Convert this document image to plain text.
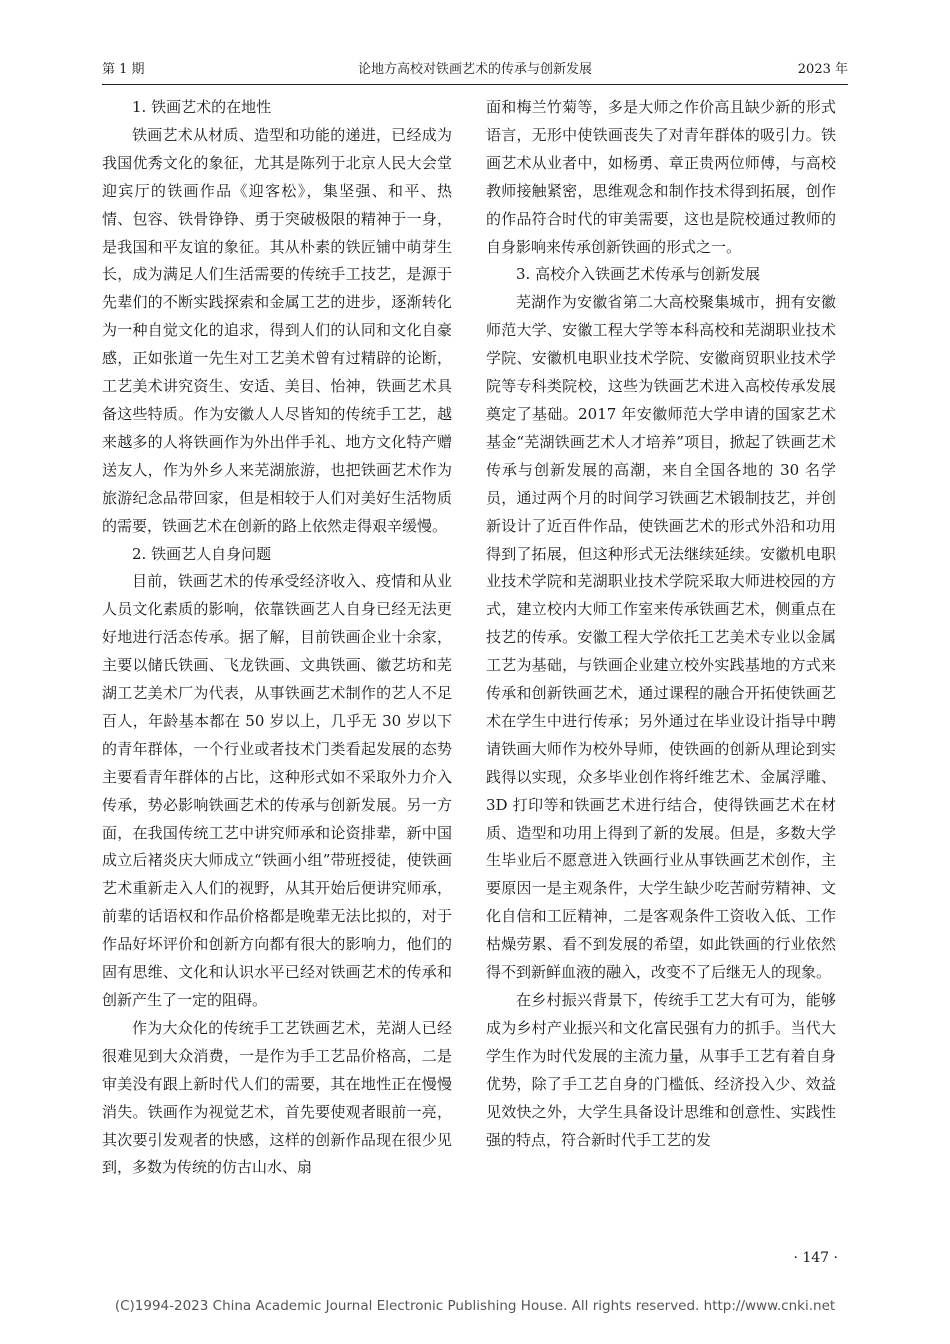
第 1 期	论地方高校对铁画艺术的传承与创新发展	2023 年
1. 铁画艺术的在地性

铁画艺术从材质、造型和功能的递进，已经成为我国优秀文化的象征，尤其是陈列于北京人民大会堂迎宾厅的铁画作品《迎客松》，集坚强、和平、热情、包容、铁骨铮铮、勇于突破极限的精神于一身，是我国和平友谊的象征。其从朴素的铁匠铺中萌芽生长，成为满足人们生活需要的传统手工技艺，是源于先辈们的不断实践探索和金属工艺的进步，逐渐转化为一种自觉文化的追求，得到人们的认同和文化自豪感，正如张道一先生对工艺美术曾有过精辟的论断，工艺美术讲究资生、安适、美目、怡神，铁画艺术具备这些特质。作为安徽人人尽皆知的传统手工艺，越来越多的人将铁画作为外出伴手礼、地方文化特产赠送友人，作为外乡人来芜湖旅游，也把铁画艺术作为旅游纪念品带回家，但是相较于人们对美好生活物质的需要，铁画艺术在创新的路上依然走得艰辛缓慢。

2. 铁画艺人自身问题

目前，铁画艺术的传承受经济收入、疫情和从业人员文化素质的影响，依靠铁画艺人自身已经无法更好地进行活态传承。据了解，目前铁画企业十余家，主要以储氏铁画、飞龙铁画、文典铁画、徽艺坊和芜湖工艺美术厂为代表，从事铁画艺术制作的艺人不足百人，年龄基本都在 50 岁以上，几乎无 30 岁以下的青年群体，一个行业或者技术门类看起发展的态势主要看青年群体的占比，这种形式如不采取外力介入传承，势必影响铁画艺术的传承与创新发展。另一方面，在我国传统工艺中讲究师承和论资排辈，新中国成立后褚炎庆大师成立“铁画小组”带班授徒，使铁画艺术重新走入人们的视野，从其开始后便讲究师承，前辈的话语权和作品价格都是晚辈无法比拟的，对于作品好坏评价和创新方向都有很大的影响力，他们的固有思维、文化和认识水平已经对铁画艺术的传承和创新产生了一定的阻碍。

作为大众化的传统手工艺铁画艺术，芜湖人已经很难见到大众消费，一是作为手工艺品价格高，二是审美没有跟上新时代人们的需要，其在地性正在慢慢消失。铁画作为视觉艺术，首先要使观者眼前一亮，其次要引发观者的快感，这样的创新作品现在很少见到，多数为传统的仿古山水、扇

面和梅兰竹菊等，多是大师之作价高且缺少新的形式语言，无形中使铁画丧失了对青年群体的吸引力。铁画艺术从业者中，如杨勇、章正贵两位师傅，与高校教师接触紧密，思维观念和制作技术得到拓展，创作的作品符合时代的审美需要，这也是院校通过教师的自身影响来传承创新铁画的形式之一。

3. 高校介入铁画艺术传承与创新发展

芜湖作为安徽省第二大高校聚集城市，拥有安徽师范大学、安徽工程大学等本科高校和芜湖职业技术学院、安徽机电职业技术学院、安徽商贸职业技术学院等专科类院校，这些为铁画艺术进入高校传承发展奠定了基础。2017 年安徽师范大学申请的国家艺术基金“芜湖铁画艺术人才培养”项目，掀起了铁画艺术传承与创新发展的高潮，来自全国各地的 30 名学员，通过两个月的时间学习铁画艺术锻制技艺，并创新设计了近百件作品，使铁画艺术的形式外沿和功用得到了拓展，但这种形式无法继续延续。安徽机电职业技术学院和芜湖职业技术学院采取大师进校园的方式，建立校内大师工作室来传承铁画艺术，侧重点在技艺的传承。安徽工程大学依托工艺美术专业以金属工艺为基础，与铁画企业建立校外实践基地的方式来传承和创新铁画艺术，通过课程的融合开拓使铁画艺术在学生中进行传承；另外通过在毕业设计指导中聘请铁画大师作为校外导师，使铁画的创新从理论到实践得以实现，众多毕业创作将纤维艺术、金属浮雕、3D 打印等和铁画艺术进行结合，使得铁画艺术在材质、造型和功用上得到了新的发展。但是，多数大学生毕业后不愿意进入铁画行业从事铁画艺术创作，主要原因一是主观条件，大学生缺少吃苦耐劳精神、文化自信和工匠精神，二是客观条件工资收入低、工作枯燥劳累、看不到发展的希望，如此铁画的行业依然得不到新鲜血液的融入，改变不了后继无人的现象。

在乡村振兴背景下，传统手工艺大有可为，能够成为乡村产业振兴和文化富民强有力的抓手。当代大学生作为时代发展的主流力量，从事手工艺有着自身优势，除了手工艺自身的门槛低、经济投入少、效益见效快之外，大学生具备设计思维和创意性、实践性强的特点，符合新时代手工艺的发

· 147 ·
(C)1994-2023 China Academic Journal Electronic Publishing House. All rights reserved. http://www.cnki.net
